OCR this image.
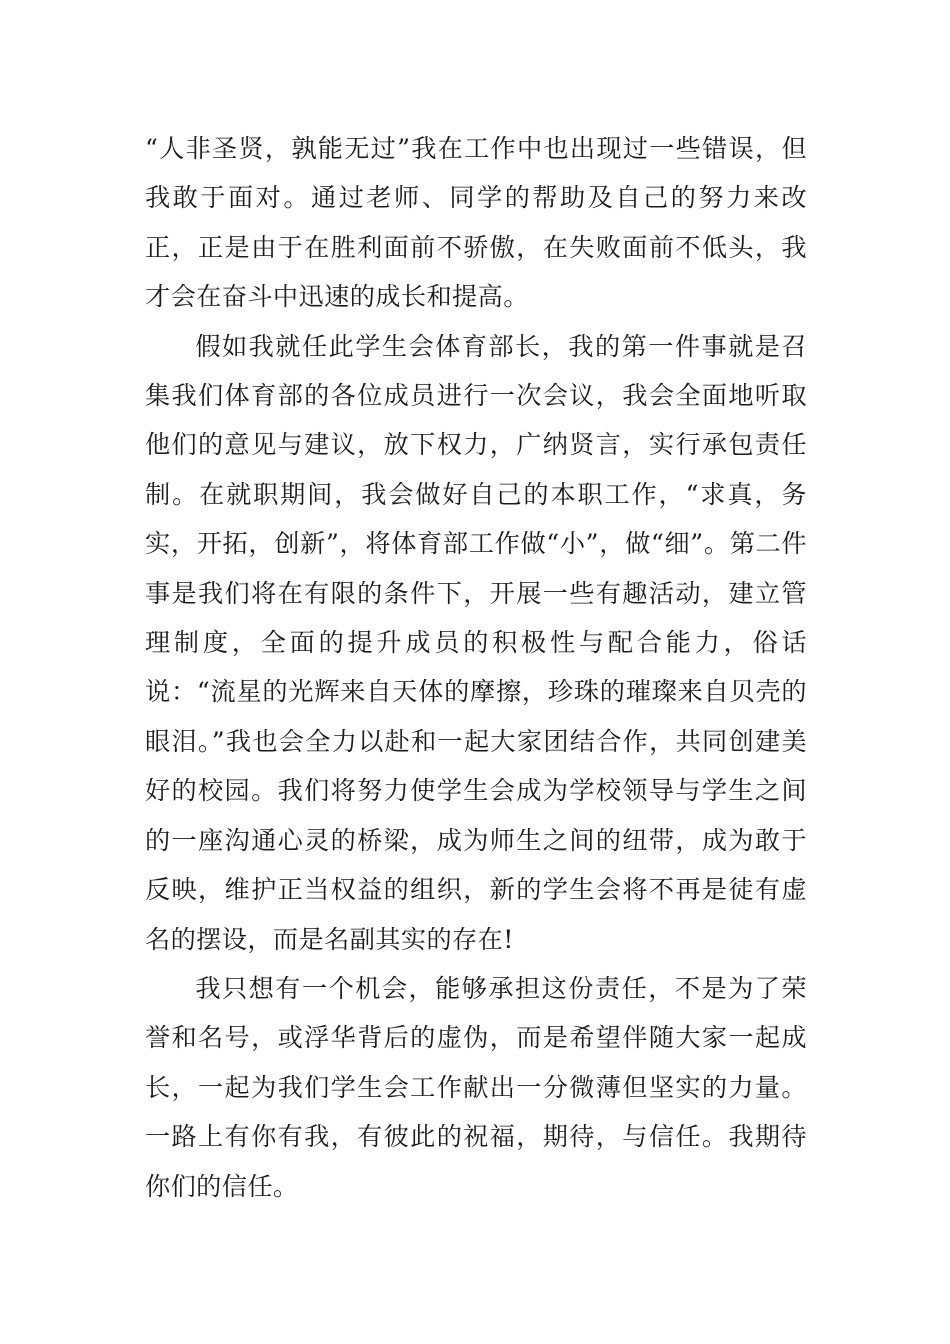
“人非圣贤，孰能无过”我在工作中也出现过一些错误，但我敢于面对。通过老师、同学的帮助及自己的努力来改正，正是由于在胜利面前不骄傲，在失败面前不低头，我才会在奋斗中迅速的成长和提高。

假如我就任此学生会体育部长，我的第一件事就是召集我们体育部的各位成员进行一次会议，我会全面地听取他们的意见与建议，放下权力，广纳贤言，实行承包责任制。在就职期间，我会做好自己的本职工作，“求真，务实，开拓，创新”，将体育部工作做“小”，做“细”。第二件事是我们将在有限的条件下，开展一些有趣活动，建立管理制度，全面的提升成员的积极性与配合能力，俗话说：“流星的光辉来自天体的摩擦，珍珠的璀璨来自贝壳的眼泪。”我也会全力以赴和一起大家团结合作，共同创建美好的校园。我们将努力使学生会成为学校领导与学生之间的一座沟通心灵的桥梁，成为师生之间的纽带，成为敢于反映，维护正当权益的组织，新的学生会将不再是徒有虚名的摆设，而是名副其实的存在!

我只想有一个机会，能够承担这份责任，不是为了荣誉和名号，或浮华背后的虚伪，而是希望伴随大家一起成长，一起为我们学生会工作献出一分微薄但坚实的力量。一路上有你有我，有彼此的祝福，期待，与信任。我期待你们的信任。
